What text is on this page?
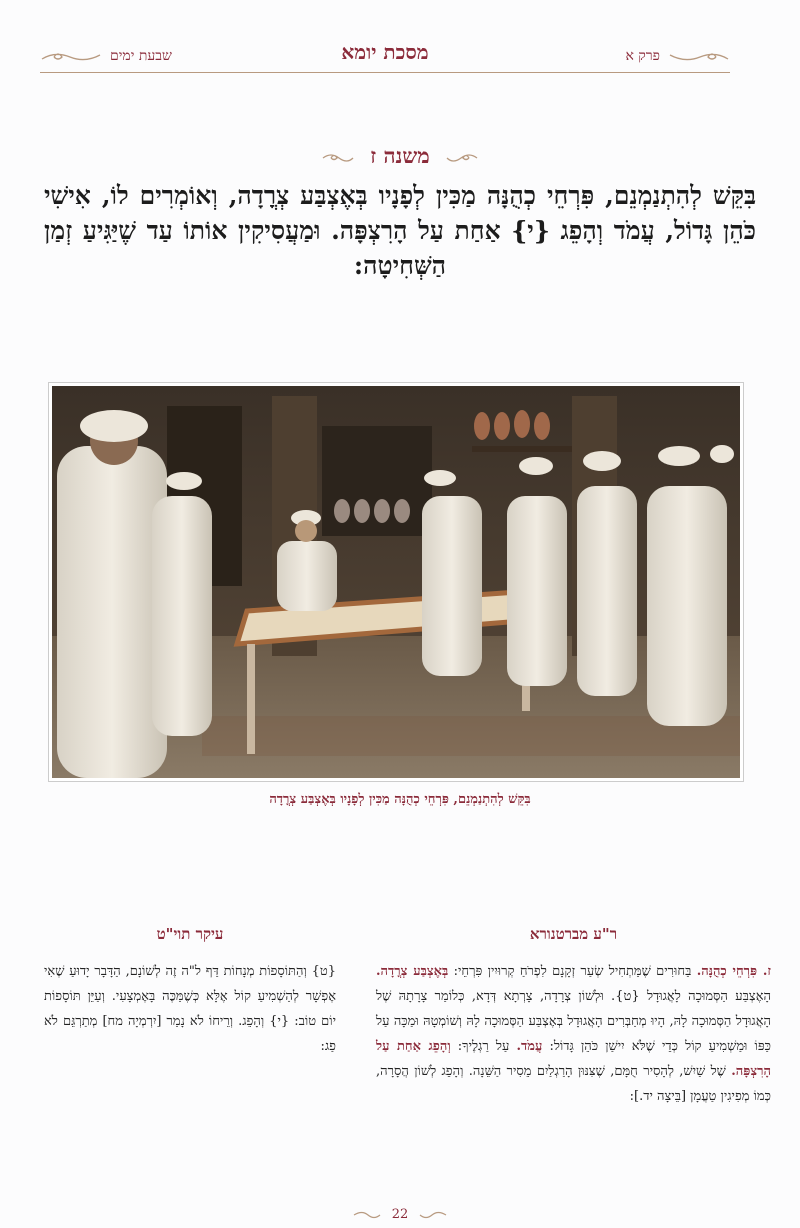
שבעת ימים	מסכת יומא	פרק א
משנה ז
בִּקֵּשׁ לְהִתְנַמְנֵם, פִּרְחֵי כְהֻנָּה מַכִּין לְפָנָיו בְּאֶצְבַּע צְרֳדָה, וְאוֹמְרִים לוֹ, אִישִׁי כֹּהֵן גָּדוֹל, עֲמֹד וְהָפֵג {י} אַחַת עַל הָרִצְפָּה. וּמַעֲסִיקִין אוֹתוֹ עַד שֶׁיַּגִּיעַ זְמַן הַשְּׁחִיטָה:
בִּקֵּשׁ לְהִתְנַמְנֵם, פִּרְחֵי כְהֻנָּה מַכִּין לְפָנָיו בְּאֶצְבַּע צְרֳדָה
ר"ע מברטנורא
ז. פִּרְחֵי כְהֻנָּה. בַּחוּרִים שֶׁמַּתְחִיל שְׂעַר זְקָנָם לִפְרֹחַ קְרוּיִין פִּרְחֵי: בְּאֶצְבַּע צְרֳדָה. הָאֶצְבַּע הַסְּמוּכָה לָאֲגוּדָל {ט}. וּלְשׁוֹן צְרָדָה, צָרְתָא דְּדָא, כְּלוֹמַר צָרָתָהּ שֶׁל הָאֲגוּדָל הַסְּמוּכָה לָהּ, הָיוּ מְחַבְּרִים הָאֲגוּדָל בְּאֶצְבַּע הַסְּמוּכָה לָהּ וְשׁוֹמְטָהּ וּמַכָּה עַל כַּפּוֹ וּמַשְׁמִיעַ קוֹל כְּדֵי שֶׁלֹּא יִישַׁן כֹּהֵן גָּדוֹל: עֲמֹד. עַל רַגְלֶיךָ: וְהָפֵג אַחַת עַל הָרִצְפָּה. שֶׁל שַׁיִשׁ, לְהָסִיר חֻמָּם, שֶׁצִּנּוּן הָרַגְלַיִם מֵסִיר הַשֵּׁנָה. וְהָפֵג לְשׁוֹן הֲסָרָה, כְּמוֹ מְפִיגִין טַעֲמָן [בֵּיצָה יד.]:
עיקר תוי"ט
{ט} וְהַתּוֹסָפוֹת מְנָחוֹת דַּף ל"ה זֶה לְשׁוֹנָם, הַדָּבָר יָדוּעַ שֶׁאִי אֶפְשָׁר לְהַשְׁמִיעַ קוֹל אֶלָּא כְּשֶׁמַּכֶּה בָּאֶמְצָעִי. וְעַיֵּן תּוֹסָפוֹת יוֹם טוֹב: {י} וְהָפֵג. וְרֵיחוֹ לֹא נָמַר [יִרְמְיָה מח] מְתַרְגֵּם לֹא פַג:
22
